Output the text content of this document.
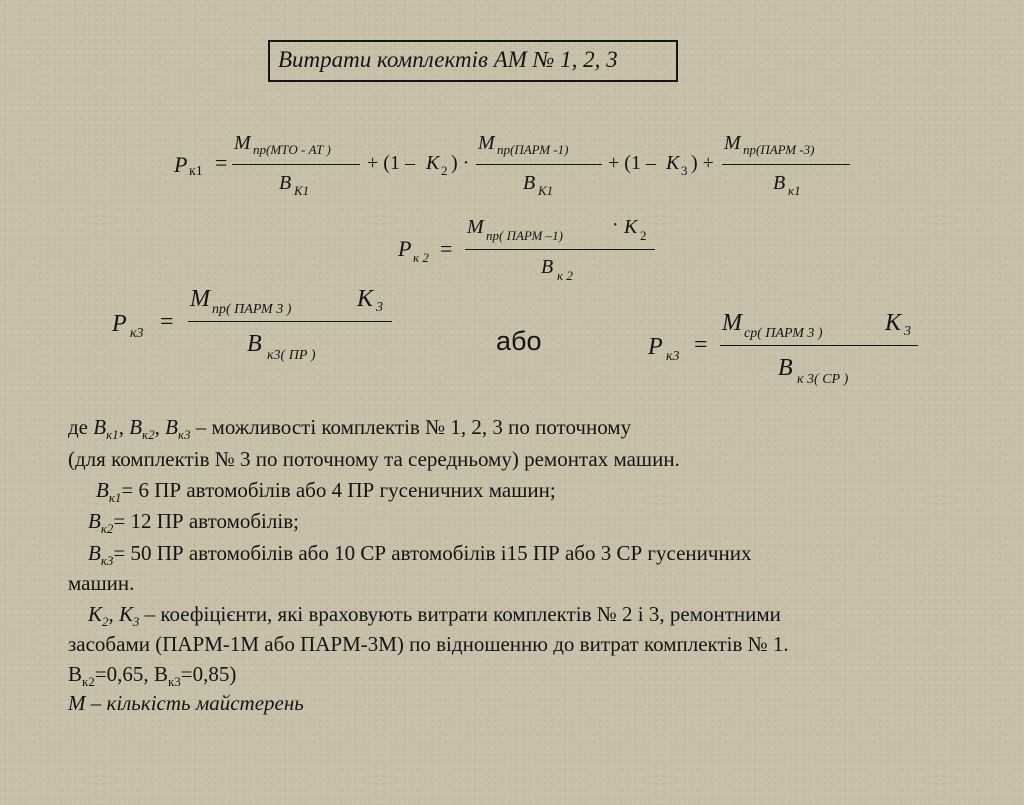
Витрати комплектів АМ № 1, 2, 3
P к1 =
M пр(МТО - АТ )
B K1
+ (1 – K 2 ) ·
M пр(ПАРМ -1)
B K1
+ (1 – K 3 ) +
M пр(ПАРМ -3)
B к1
P к 2 =
M пр( ПАРМ –1) · K 2
B к 2
P к3 =
M пр( ПАРМ 3 )	K 3
B к3( ПР )	або	P к3 =
M ср( ПАРМ 3 )	K 3
B к 3( СР )
де $В_{к1}$, $В_{к2}$, $В_{к3}$ – можливості комплектів № 1, 2, 3 по поточному
(для комплектів № 3 по поточному та середньому) ремонтах машин.
$В_{к1}= 6$ ПР автомобілів або 4 ПР гусеничних машин;
$В_{к2}= 12$ ПР автомобілів;
$В_{к3}= 50$ ПР автомобілів або 10 СР автомобілів і15 ПР або 3 СР гусеничних
машин.
$К_2$, $К_3$ – коефіцієнти, які враховують витрати комплектів № 2 і 3, ремонтними
засобами (ПАРМ-1М або ПАРМ-3М) по відношенню до витрат комплектів № 1.
$В_{к2}=0,65$, $В_{к3}=0,85$)
M – кількість майстерень
